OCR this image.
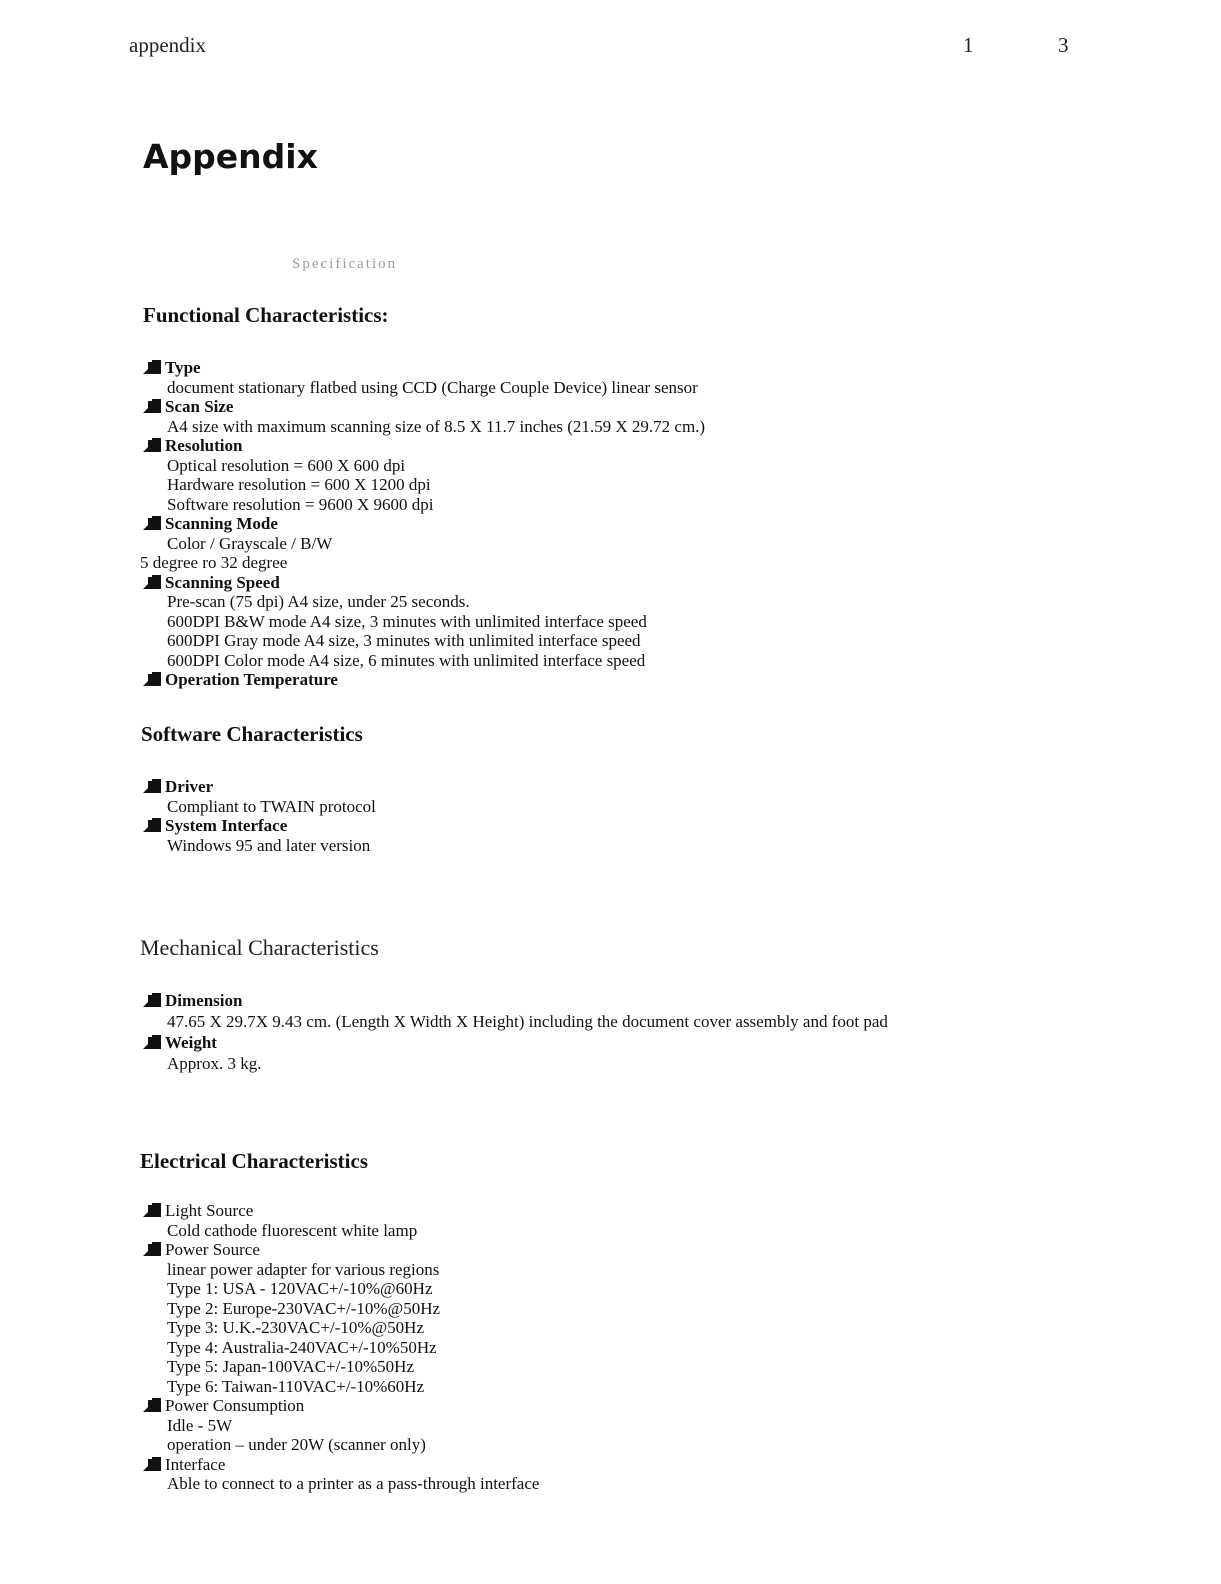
appendix	1	3
Appendix
Specification
Functional Characteristics:
Type
document stationary flatbed using CCD (Charge Couple Device) linear sensor
Scan Size
A4 size with maximum scanning size of 8.5 X 11.7 inches (21.59 X 29.72 cm.)
Resolution
Optical resolution = 600 X 600 dpi
Hardware resolution = 600 X 1200 dpi
Software resolution = 9600 X 9600 dpi
Scanning Mode
Color / Grayscale / B/W
5 degree ro 32 degree
Scanning Speed
Pre-scan (75 dpi) A4 size, under 25 seconds.
600DPI B&W mode A4 size, 3 minutes with unlimited interface speed
600DPI Gray mode A4 size, 3 minutes with unlimited interface speed
600DPI Color mode A4 size, 6 minutes with unlimited interface speed
Operation Temperature
Software Characteristics
Driver
Compliant to TWAIN protocol
System Interface
Windows 95 and later version
Mechanical Characteristics
Dimension
47.65 X 29.7X 9.43 cm. (Length X Width X Height) including the document cover assembly and foot pad
Weight
Approx. 3 kg.
Electrical Characteristics
Light Source
Cold cathode fluorescent white lamp
Power Source
linear power adapter for various regions
Type 1: USA - 120VAC+/-10%@60Hz
Type 2: Europe-230VAC+/-10%@50Hz
Type 3: U.K.-230VAC+/-10%@50Hz
Type 4: Australia-240VAC+/-10%50Hz
Type 5: Japan-100VAC+/-10%50Hz
Type 6: Taiwan-110VAC+/-10%60Hz
Power Consumption
Idle - 5W
operation – under 20W (scanner only)
Interface
Able to connect to a printer as a pass-through interface
